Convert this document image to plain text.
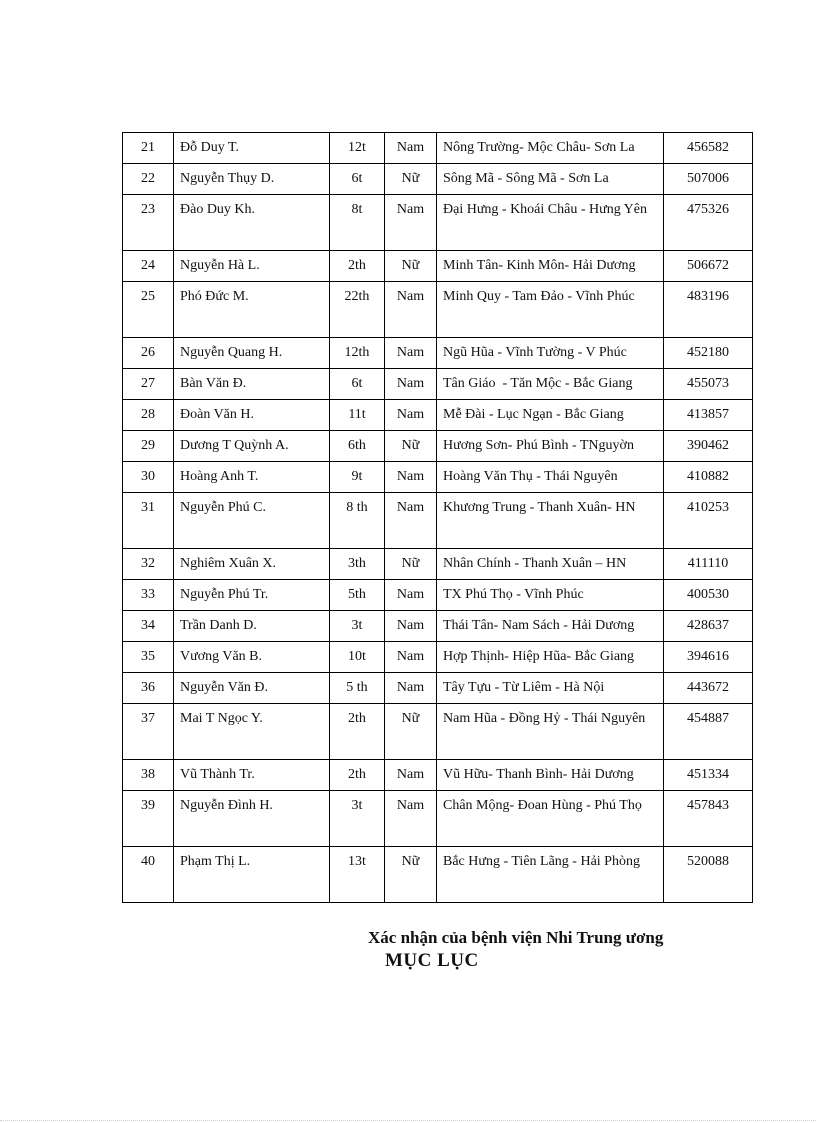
21	Đỗ Duy T.	12t	Nam	Nông Trường- Mộc Châu- Sơn La	456582
22	Nguyễn Thụy D.	6t	Nữ	Sông Mã - Sông Mã - Sơn La	507006
23	Đào Duy Kh.	8t	Nam	Đại Hưng - Khoái Châu - Hưng Yên	475326
24	Nguyễn Hà L.	2th	Nữ	Minh Tân- Kinh Môn- Hải Dương	506672
25	Phó Đức M.	22th	Nam	Minh Quy - Tam Đảo - Vĩnh Phúc	483196
26	Nguyễn Quang H.	12th	Nam	Ngũ Hũa - Vĩnh Tường - V Phúc	452180
27	Bàn Văn Đ.	6t	Nam	Tân Giáo  - Tăn Mộc - Bắc Giang	455073
28	Đoàn Văn H.	11t	Nam	Mễ Đài - Lục Ngạn - Bắc Giang	413857
29	Dương T Quỳnh A.	6th	Nữ	Hương Sơn- Phú Bình - TNguyờn	390462
30	Hoàng Anh T.	9t	Nam	Hoàng Văn Thụ - Thái Nguyên	410882
31	Nguyễn Phú C.	8 th	Nam	Khương Trung - Thanh Xuân- HN	410253
32	Nghiêm Xuân X.	3th	Nữ	Nhân Chính - Thanh Xuân – HN	411110
33	Nguyễn Phú Tr.	5th	Nam	TX Phú Thọ - Vĩnh Phúc	400530
34	Trần Danh D.	3t	Nam	Thái Tân- Nam Sách - Hải Dương	428637
35	Vương Văn B.	10t	Nam	Hợp Thịnh- Hiệp Hũa- Bắc Giang	394616
36	Nguyễn Văn Đ.	5 th	Nam	Tây Tựu - Từ Liêm - Hà Nội	443672
37	Mai T Ngọc Y.	2th	Nữ	Nam Hũa - Đồng Hỷ - Thái Nguyên	454887
38	Vũ Thành Tr.	2th	Nam	Vũ Hữu- Thanh Bình- Hải Dương	451334
39	Nguyễn Đình H.	3t	Nam	Chân Mộng- Đoan Hùng - Phú Thọ	457843
40	Phạm Thị L.	13t	Nữ	Bắc Hưng - Tiên Lãng - Hải Phòng	520088
Xác nhận của bệnh viện Nhi Trung ương
MỤC LỤC
